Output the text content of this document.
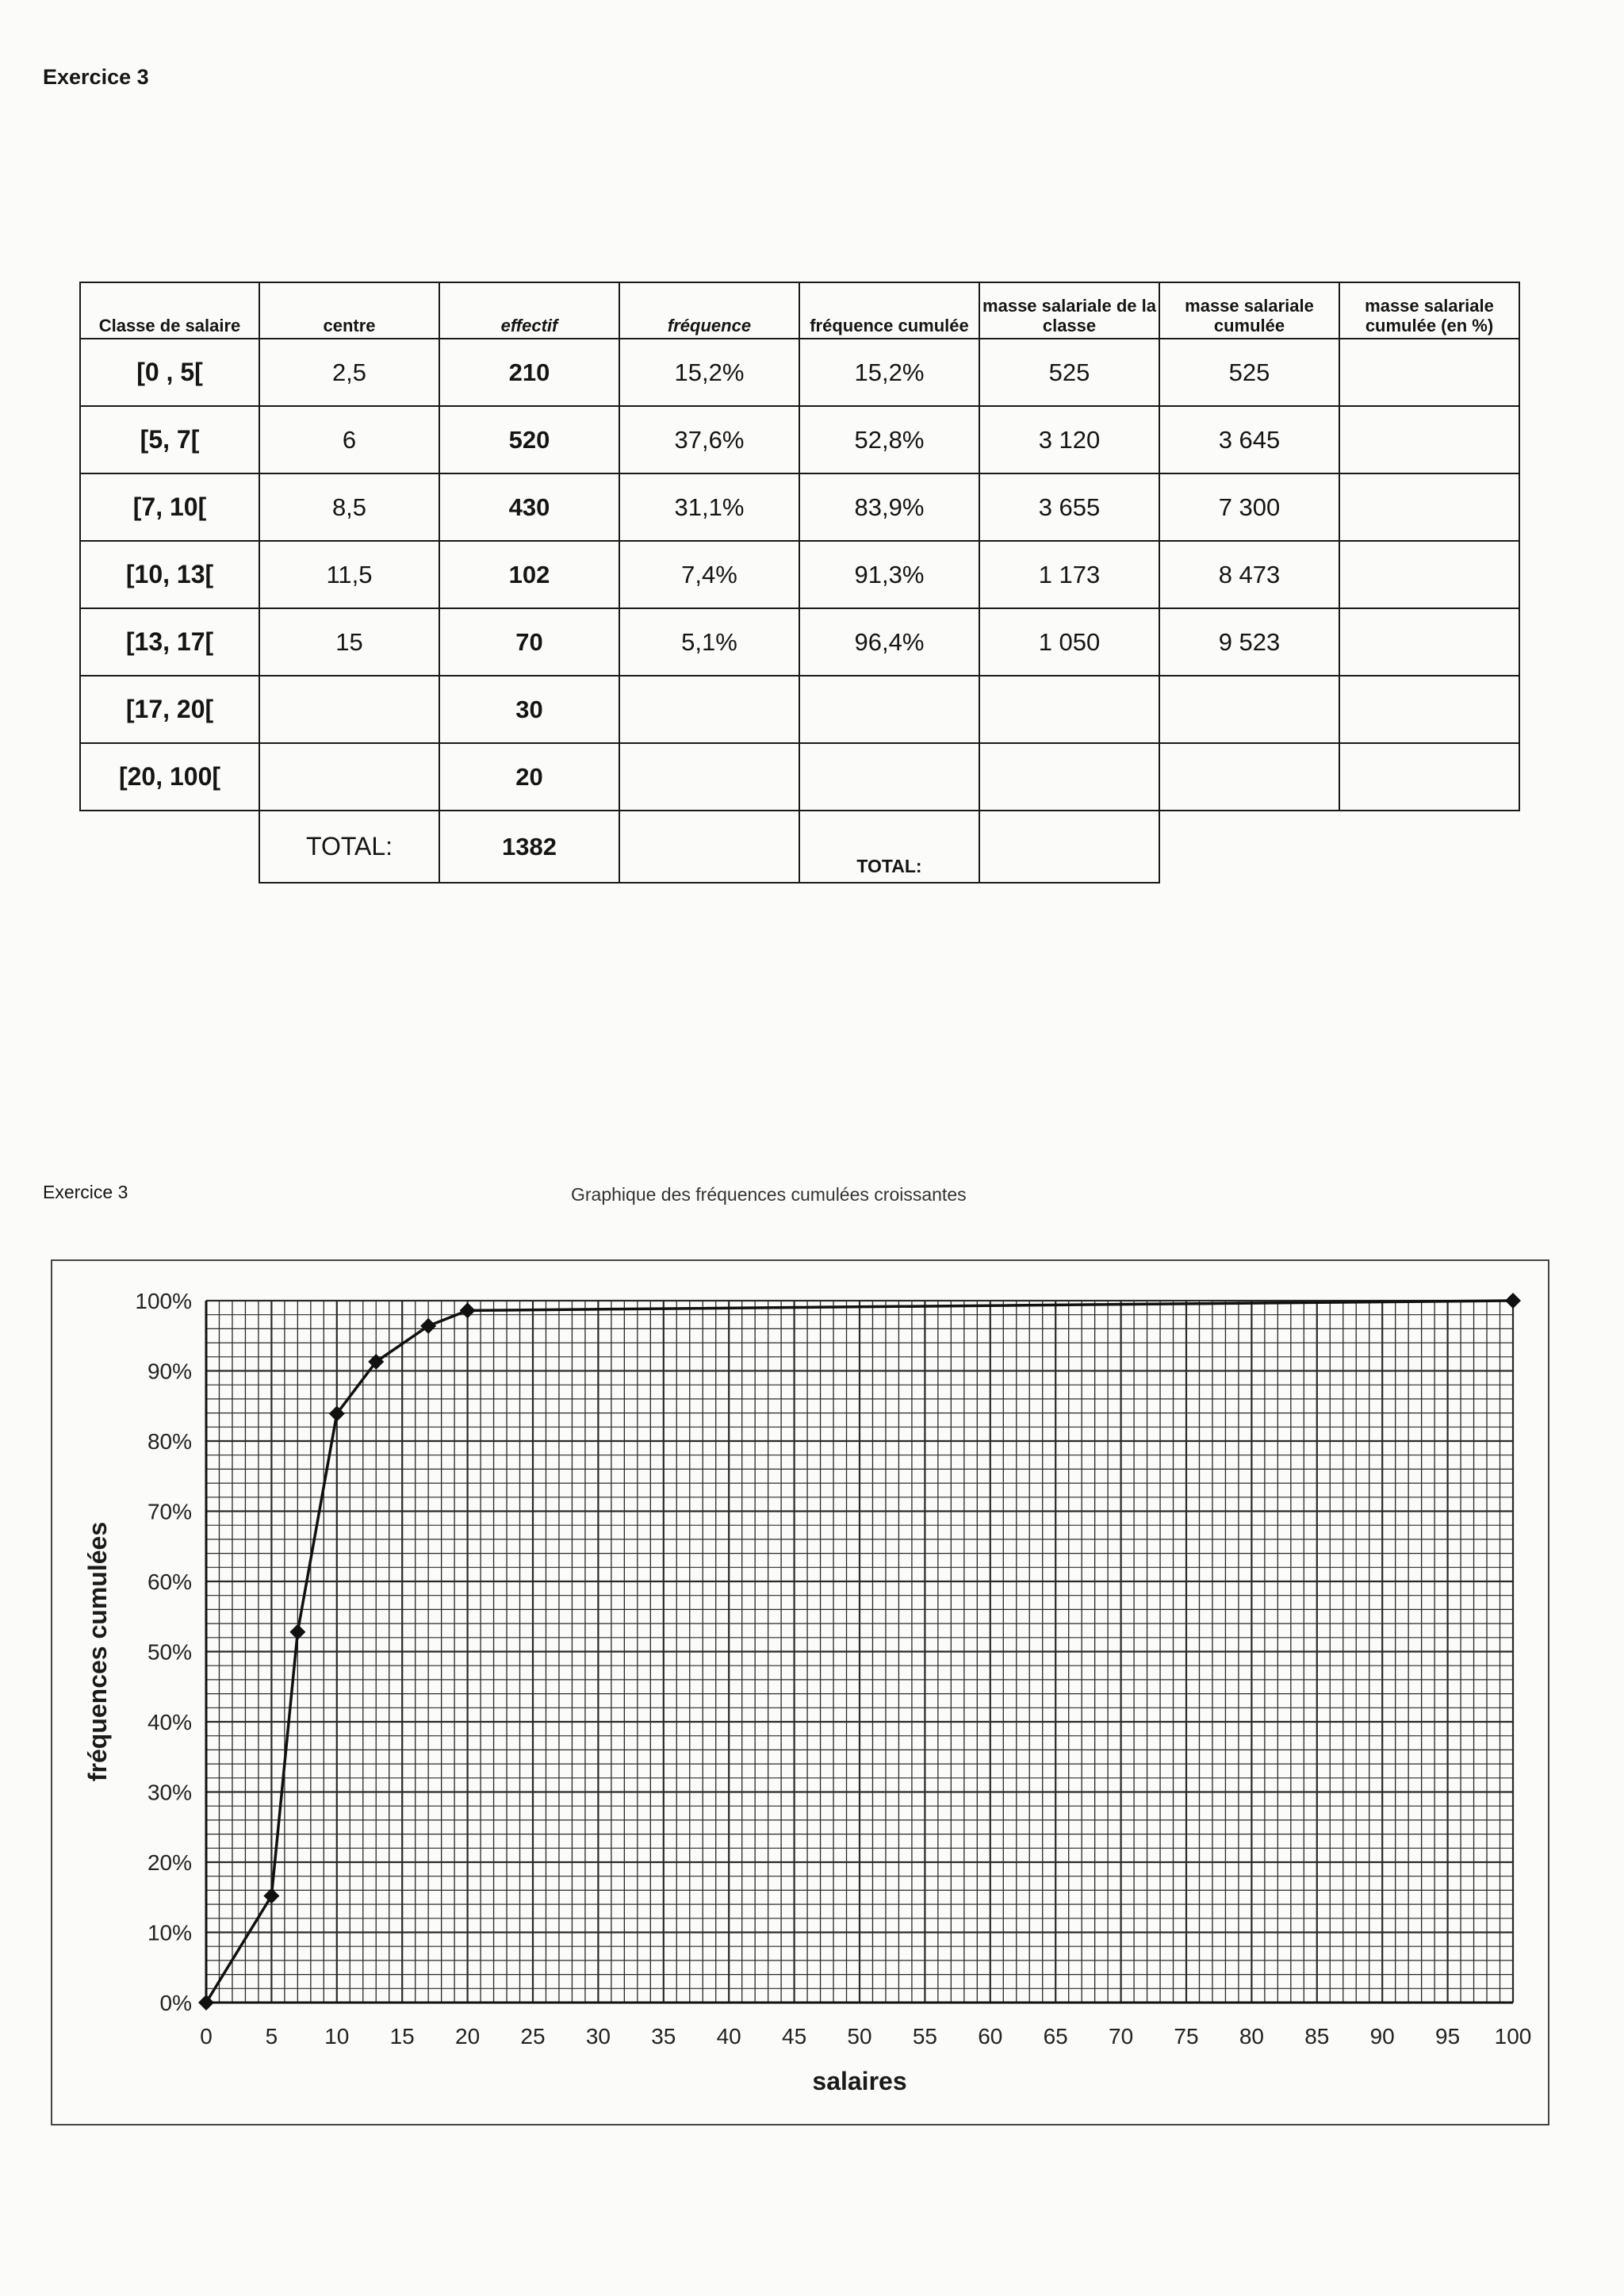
Exercice 3
Classe de salaire	centre	effectif	fréquence	fréquence cumulée	masse salariale de la classe	masse salariale cumulée	masse salariale cumulée (en %)
[0 , 5[	2,5	210	15,2%	15,2%	525	525	
[5, 7[	6	520	37,6%	52,8%	3 120	3 645	
[7, 10[	8,5	430	31,1%	83,9%	3 655	7 300	
[10, 13[	11,5	102	7,4%	91,3%	1 173	8 473	
[13, 17[	15	70	5,1%	96,4%	1 050	9 523	
[17, 20[		30					
[20, 100[		20					
	TOTAL:	1382		TOTAL:			
Exercice 3	Graphique des fréquences cumulées croissantes
0%
10%
20%
30%
40%
50%
60%
70%
80%
90%
100%
0 5 10 15 20 25 30 35 40 45 50 55 60 65 70 75 80 85 90 95 100
salaires
fréquences cumulées
